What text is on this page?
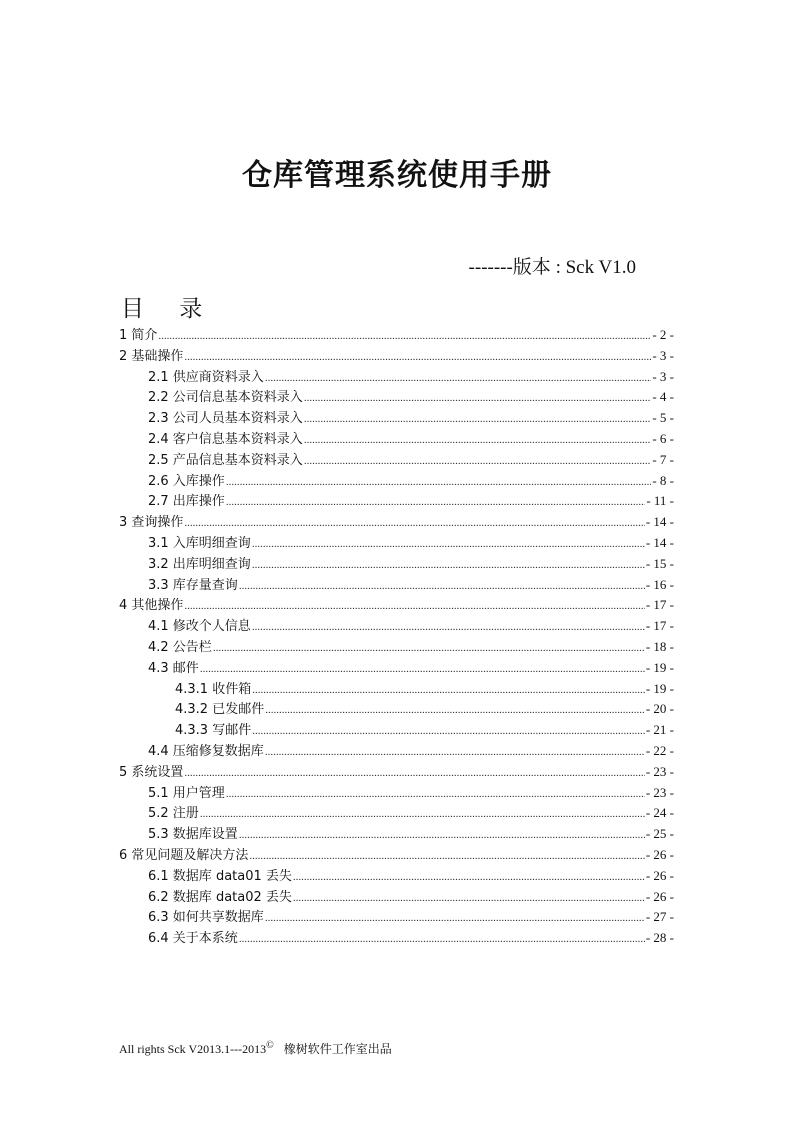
仓库管理系统使用手册
-------版本 : Sck V1.0
目 录
1 简介 .....	- 2 -
2 基础操作 .....	- 3 -
2.1 供应商资料录入 .....	- 3 -
2.2 公司信息基本资料录入 .....	- 4 -
2.3 公司人员基本资料录入 .....	- 5 -
2.4 客户信息基本资料录入 .....	- 6 -
2.5 产品信息基本资料录入 .....	- 7 -
2.6 入库操作 .....	- 8 -
2.7 出库操作 .....	- 11 -
3 查询操作 .....	- 14 -
3.1 入库明细查询 .....	- 14 -
3.2 出库明细查询 .....	- 15 -
3.3 库存量查询 .....	- 16 -
4 其他操作 .....	- 17 -
4.1 修改个人信息 .....	- 17 -
4.2 公告栏 .....	- 18 -
4.3 邮件 .....	- 19 -
4.3.1 收件箱 .....	- 19 -
4.3.2 已发邮件 .....	- 20 -
4.3.3 写邮件 .....	- 21 -
4.4 压缩修复数据库 .....	- 22 -
5 系统设置 .....	- 23 -
5.1 用户管理 .....	- 23 -
5.2 注册 .....	- 24 -
5.3 数据库设置 .....	- 25 -
6 常见问题及解决方法 .....	- 26 -
6.1 数据库 data01 丢失 .....	- 26 -
6.2 数据库 data02 丢失 .....	- 26 -
6.3 如何共享数据库 .....	- 27 -
6.4 关于本系统 .....	- 28 -
All rights Sck V2013.1---2013© 橡树软件工作室出品
